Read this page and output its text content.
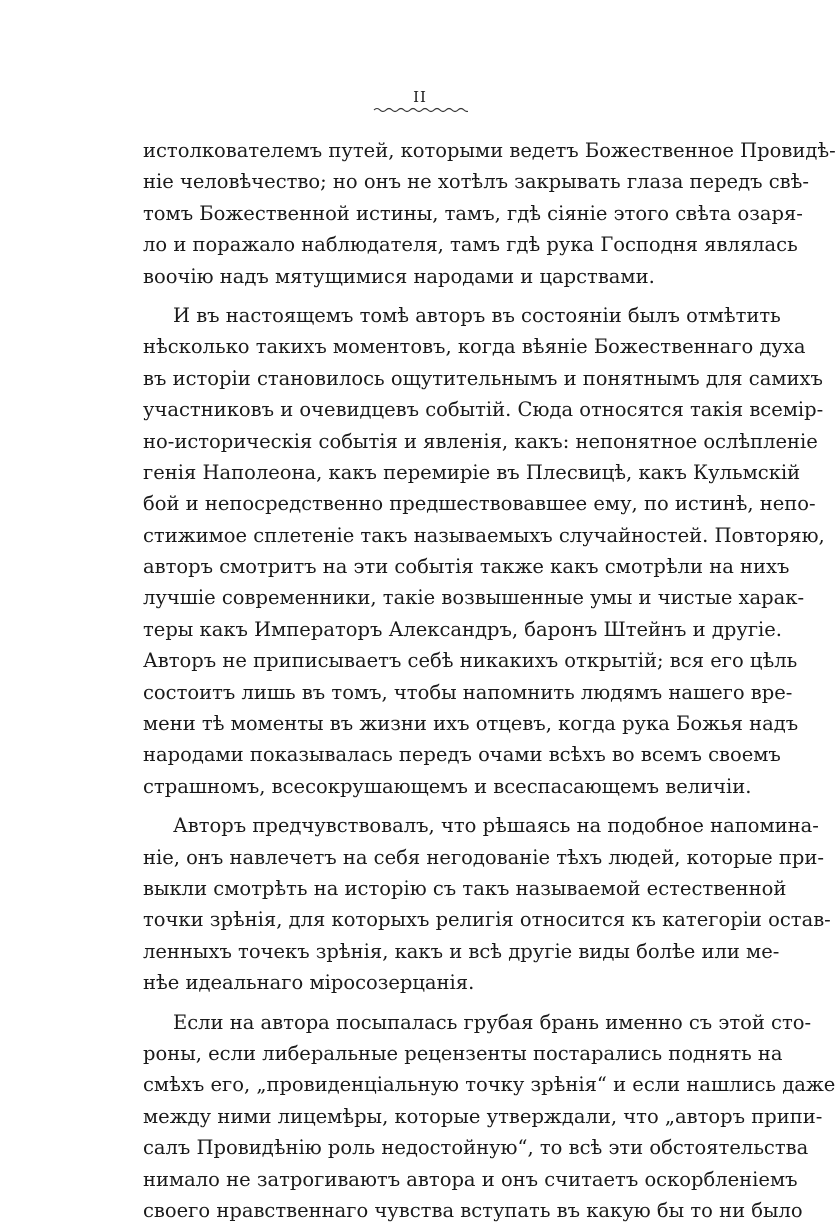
II
истолкователемъ путей, которыми ведетъ Божественное Провидѣ-
ніе человѣчество; но онъ не хотѣлъ закрывать глаза передъ свѣ-
томъ Божественной истины, тамъ, гдѣ сіяніе этого свѣта озаря-
ло и поражало наблюдателя, тамъ гдѣ рука Господня являлась
воочію надъ мятущимися народами и царствами.
И въ настоящемъ томѣ авторъ въ состояніи былъ отмѣтить
нѣсколько такихъ моментовъ, когда вѣяніе Божественнаго духа
въ исторіи становилось ощутительнымъ и понятнымъ для самихъ
участниковъ и очевидцевъ событій. Сюда относятся такія всемір-
но-историческія событія и явленія, какъ: непонятное ослѣпленіе
генія Наполеона, какъ перемиріе въ Плесвицѣ, какъ Кульмскій
бой и непосредственно предшествовавшее ему, по истинѣ, непо-
стижимое сплетеніе такъ называемыхъ случайностей. Повторяю,
авторъ смотритъ на эти событія также какъ смотрѣли на нихъ
лучшіе современники, такіе возвышенные умы и чистые харак-
теры какъ Императоръ Александръ, баронъ Штейнъ и другіе.
Авторъ не приписываетъ себѣ никакихъ открытій; вся его цѣль
состоитъ лишь въ томъ, чтобы напомнить людямъ нашего вре-
мени тѣ моменты въ жизни ихъ отцевъ, когда рука Божья надъ
народами показывалась передъ очами всѣхъ во всемъ своемъ
страшномъ, всесокрушающемъ и всеспасающемъ величіи.
Авторъ предчувствовалъ, что рѣшаясь на подобное напомина-
ніе, онъ навлечетъ на себя негодованіе тѣхъ людей, которые при-
выкли смотрѣть на исторію съ такъ называемой естественной
точки зрѣнія, для которыхъ религія относится къ категоріи остав-
ленныхъ точекъ зрѣнія, какъ и всѣ другіе виды болѣе или ме-
нѣе идеальнаго міросозерцанія.
Если на автора посыпалась грубая брань именно съ этой сто-
роны, если либеральные рецензенты постарались поднять на
смѣхъ его, „провиденціальную точку зрѣнія“ и если нашлись даже
между ними лицемѣры, которые утверждали, что „авторъ припи-
салъ Провидѣнію роль недостойную“, то всѣ эти обстоятельства
нимало не затрогиваютъ автора и онъ считаетъ оскорбленіемъ
своего нравственнаго чувства вступать въ какую бы то ни было
